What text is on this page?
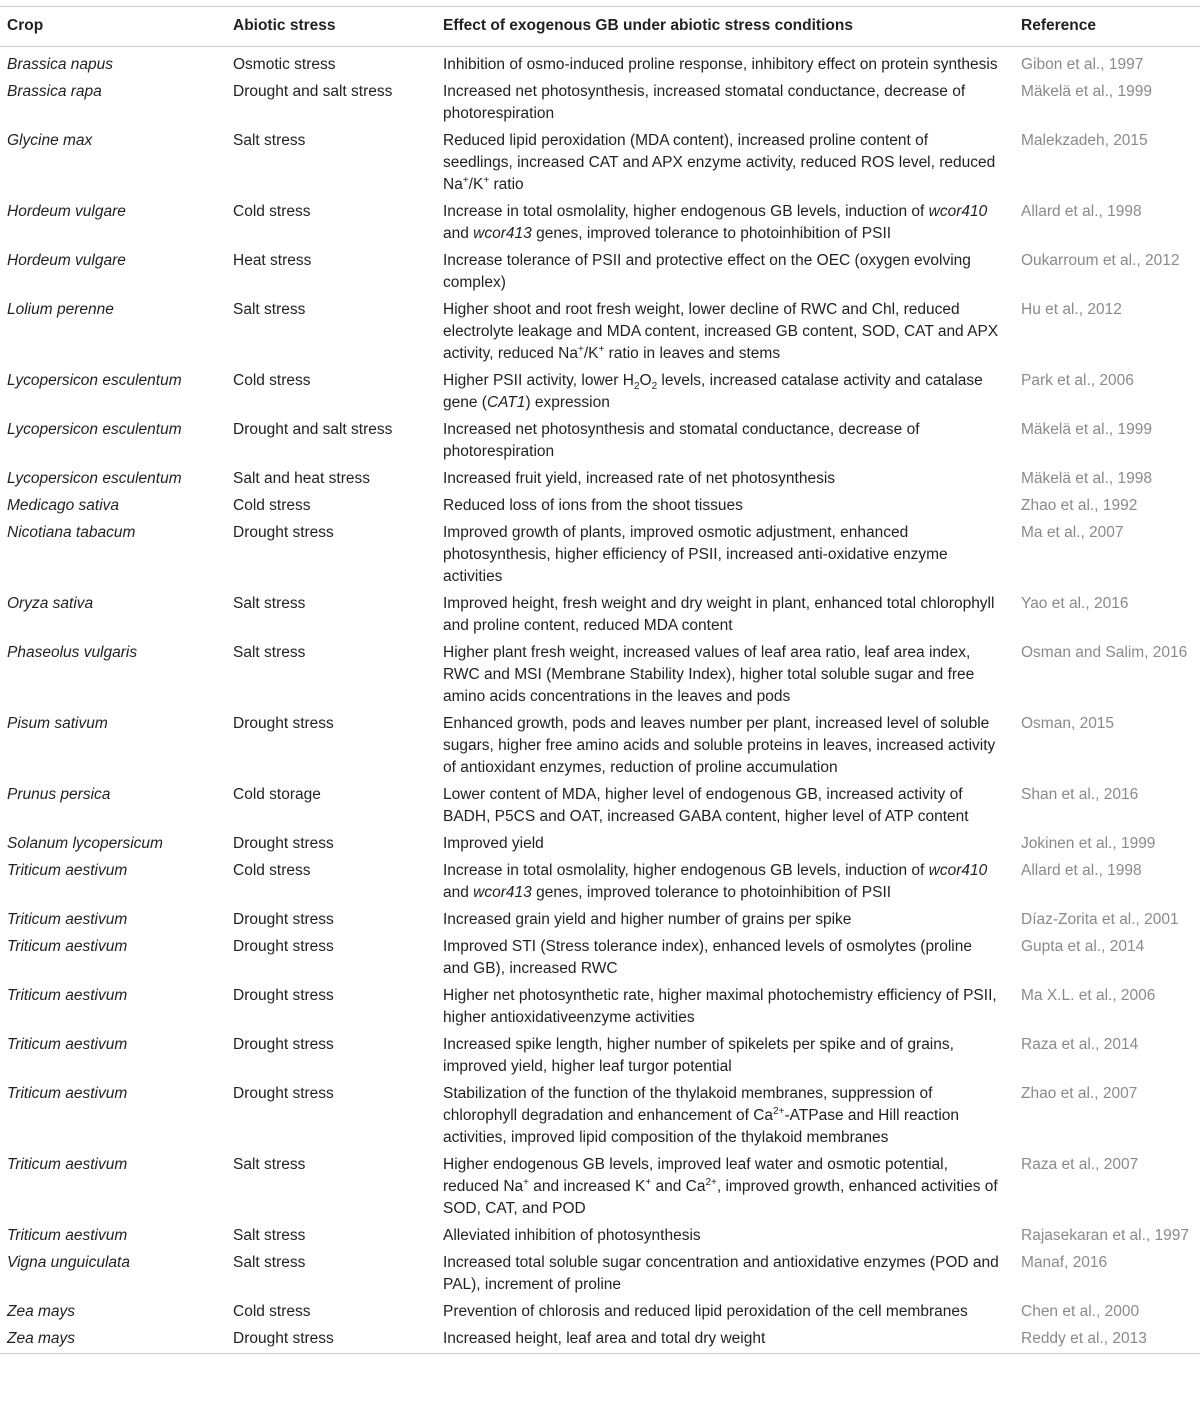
Crop	Abiotic stress	Effect of exogenous GB under abiotic stress conditions	Reference
Brassica napus	Osmotic stress	Inhibition of osmo-induced proline response, inhibitory effect on protein synthesis	Gibon et al., 1997
Brassica rapa	Drought and salt stress	Increased net photosynthesis, increased stomatal conductance, decrease of photorespiration	Mäkelä et al., 1999
Glycine max	Salt stress	Reduced lipid peroxidation (MDA content), increased proline content of seedlings, increased CAT and APX enzyme activity, reduced ROS level, reduced Na+/K+ ratio	Malekzadeh, 2015
Hordeum vulgare	Cold stress	Increase in total osmolality, higher endogenous GB levels, induction of wcor410 and wcor413 genes, improved tolerance to photoinhibition of PSII	Allard et al., 1998
Hordeum vulgare	Heat stress	Increase tolerance of PSII and protective effect on the OEC (oxygen evolving complex)	Oukarroum et al., 2012
Lolium perenne	Salt stress	Higher shoot and root fresh weight, lower decline of RWC and Chl, reduced electrolyte leakage and MDA content, increased GB content, SOD, CAT and APX activity, reduced Na+/K+ ratio in leaves and stems	Hu et al., 2012
Lycopersicon esculentum	Cold stress	Higher PSII activity, lower $H_2O_2$ levels, increased catalase activity and catalase gene (CAT1) expression	Park et al., 2006
Lycopersicon esculentum	Drought and salt stress	Increased net photosynthesis and stomatal conductance, decrease of photorespiration	Mäkelä et al., 1999
Lycopersicon esculentum	Salt and heat stress	Increased fruit yield, increased rate of net photosynthesis	Mäkelä et al., 1998
Medicago sativa	Cold stress	Reduced loss of ions from the shoot tissues	Zhao et al., 1992
Nicotiana tabacum	Drought stress	Improved growth of plants, improved osmotic adjustment, enhanced photosynthesis, higher efficiency of PSII, increased anti-oxidative enzyme activities	Ma et al., 2007
Oryza sativa	Salt stress	Improved height, fresh weight and dry weight in plant, enhanced total chlorophyll and proline content, reduced MDA content	Yao et al., 2016
Phaseolus vulgaris	Salt stress	Higher plant fresh weight, increased values of leaf area ratio, leaf area index, RWC and MSI (Membrane Stability Index), higher total soluble sugar and free amino acids concentrations in the leaves and pods	Osman and Salim, 2016
Pisum sativum	Drought stress	Enhanced growth, pods and leaves number per plant, increased level of soluble sugars, higher free amino acids and soluble proteins in leaves, increased activity of antioxidant enzymes, reduction of proline accumulation	Osman, 2015
Prunus persica	Cold storage	Lower content of MDA, higher level of endogenous GB, increased activity of BADH, P5CS and OAT, increased GABA content, higher level of ATP content	Shan et al., 2016
Solanum lycopersicum	Drought stress	Improved yield	Jokinen et al., 1999
Triticum aestivum	Cold stress	Increase in total osmolality, higher endogenous GB levels, induction of wcor410 and wcor413 genes, improved tolerance to photoinhibition of PSII	Allard et al., 1998
Triticum aestivum	Drought stress	Increased grain yield and higher number of grains per spike	Díaz-Zorita et al., 2001
Triticum aestivum	Drought stress	Improved STI (Stress tolerance index), enhanced levels of osmolytes (proline and GB), increased RWC	Gupta et al., 2014
Triticum aestivum	Drought stress	Higher net photosynthetic rate, higher maximal photochemistry efficiency of PSII, higher antioxidativeenzyme activities	Ma X.L. et al., 2006
Triticum aestivum	Drought stress	Increased spike length, higher number of spikelets per spike and of grains, improved yield, higher leaf turgor potential	Raza et al., 2014
Triticum aestivum	Drought stress	Stabilization of the function of the thylakoid membranes, suppression of chlorophyll degradation and enhancement of $Ca^{2+}$-ATPase and Hill reaction activities, improved lipid composition of the thylakoid membranes	Zhao et al., 2007
Triticum aestivum	Salt stress	Higher endogenous GB levels, improved leaf water and osmotic potential, reduced Na+ and increased K+ and $Ca^{2+}$, improved growth, enhanced activities of SOD, CAT, and POD	Raza et al., 2007
Triticum aestivum	Salt stress	Alleviated inhibition of photosynthesis	Rajasekaran et al., 1997
Vigna unguiculata	Salt stress	Increased total soluble sugar concentration and antioxidative enzymes (POD and PAL), increment of proline	Manaf, 2016
Zea mays	Cold stress	Prevention of chlorosis and reduced lipid peroxidation of the cell membranes	Chen et al., 2000
Zea mays	Drought stress	Increased height, leaf area and total dry weight	Reddy et al., 2013
